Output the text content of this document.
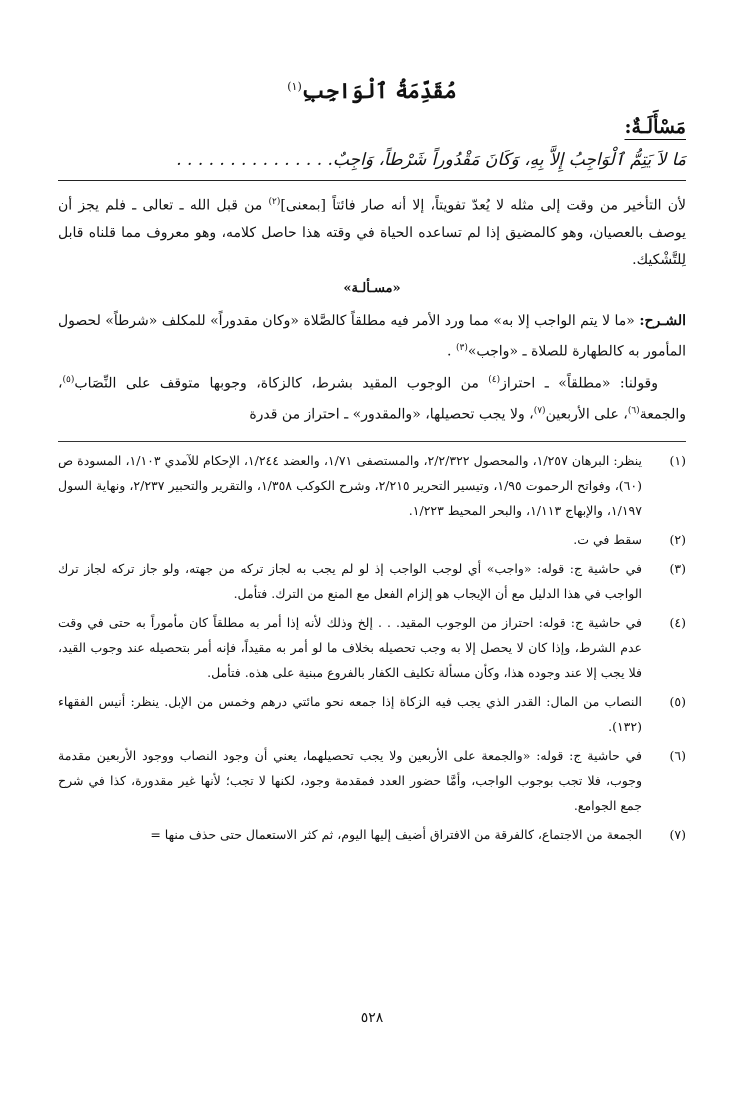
مُقَدِّمَةُ ٱلْوَاجِبِ$^{(١)}$
مَسْأَلَـةٌ:
مَا لاَ يَتِمُّ ٱلْوَاجِبُ إِلاَّ بِهِ، وَكَانَ مَقْدُوراً شَرْطاً، وَاجِبٌ. . . . . . . . . . . . . . .

لأن التأخير من وقت إلى مثله لا يُعدّ تفويتاً، إلا أنه صار فائتاً [بمعنى]$^{(٢)}$ من قبل الله ـ تعالى ـ فلم يجز أن يوصف بالعصيان، وهو كالمضيق إذا لم تساعده الحياة في وقته هذا حاصل كلامه، وهو معروف مما قلناه قابل لِلتَّشْكيك.

«مسـألـة»

الشـرح: «ما لا يتم الواجب إلا به» مما ورد الأمر فيه مطلقاً كالصَّلاة «وكان مقدوراً» للمكلف «شرطاً» لحصول المأمور به كالطهارة للصلاة ـ «واجب»$^{(٣)}$ .

وقولنا: «مطلقاً» ـ احتراز$^{(٤)}$ من الوجوب المقيد بشرط، كالزكاة، وجوبها متوقف على النِّصَاب$^{(٥)}$، والجمعة$^{(٦)}$، على الأربعين$^{(٧)}$، ولا يجب تحصيلها، «والمقدور» ـ احتراز من قدرة

(١)
ينظر: البرهان ١/٢٥٧، والمحصول ٢/٢/٣٢٢، والمستصفى ١/٧١، والعضد ١/٢٤٤، الإحكام للآمدي ١/١٠٣، المسودة ص (٦٠)، وفواتح الرحموت ١/٩٥، وتيسير التحرير ٢/٢١٥، وشرح الكوكب ١/٣٥٨، والتقرير والتحبير ٢/٢٣٧، ونهاية السول ١/١٩٧، والإبهاج ١/١١٣، والبحر المحيط ١/٢٢٣.
(٢)
سقط في ت.
(٣)
في حاشية ج: قوله: «واجب» أي لوجب الواجب إذ لو لم يجب به لجاز تركه من جهته، ولو جاز تركه لجاز ترك الواجب في هذا الدليل مع أن الإيجاب هو إلزام الفعل مع المنع من الترك. فتأمل.
(٤)
في حاشية ج: قوله: احتراز من الوجوب المقيد. . . إلخ وذلك لأنه إذا أمر به مطلقاً كان مأموراً به حتى في وقت عدم الشرط، وإذا كان لا يحصل إلا به وجب تحصيله بخلاف ما لو أمر به مقيداً، فإنه أمر بتحصيله عند وجوب القيد، فلا يجب إلا عند وجوده هذا، وكأن مسألة تكليف الكفار بالفروع مبنية على هذه. فتأمل.
(٥)
النصاب من المال: القدر الذي يجب فيه الزكاة إذا جمعه نحو مائتي درهم وخمس من الإبل. ينظر: أنيس الفقهاء (١٣٢).
(٦)
في حاشية ج: قوله: «والجمعة على الأربعين ولا يجب تحصيلهما، يعني أن وجود النصاب ووجود الأربعين مقدمة وجوب، فلا تجب بوجوب الواجب، وأمَّا حضور العدد فمقدمة وجود، لكنها لا تجب؛ لأنها غير مقدورة، كذا في شرح جمع الجوامع.
(٧)
الجمعة من الاجتماع، كالفرقة من الافتراق أضيف إليها اليوم، ثم كثر الاستعمال حتى حذف منها =
٥٢٨
